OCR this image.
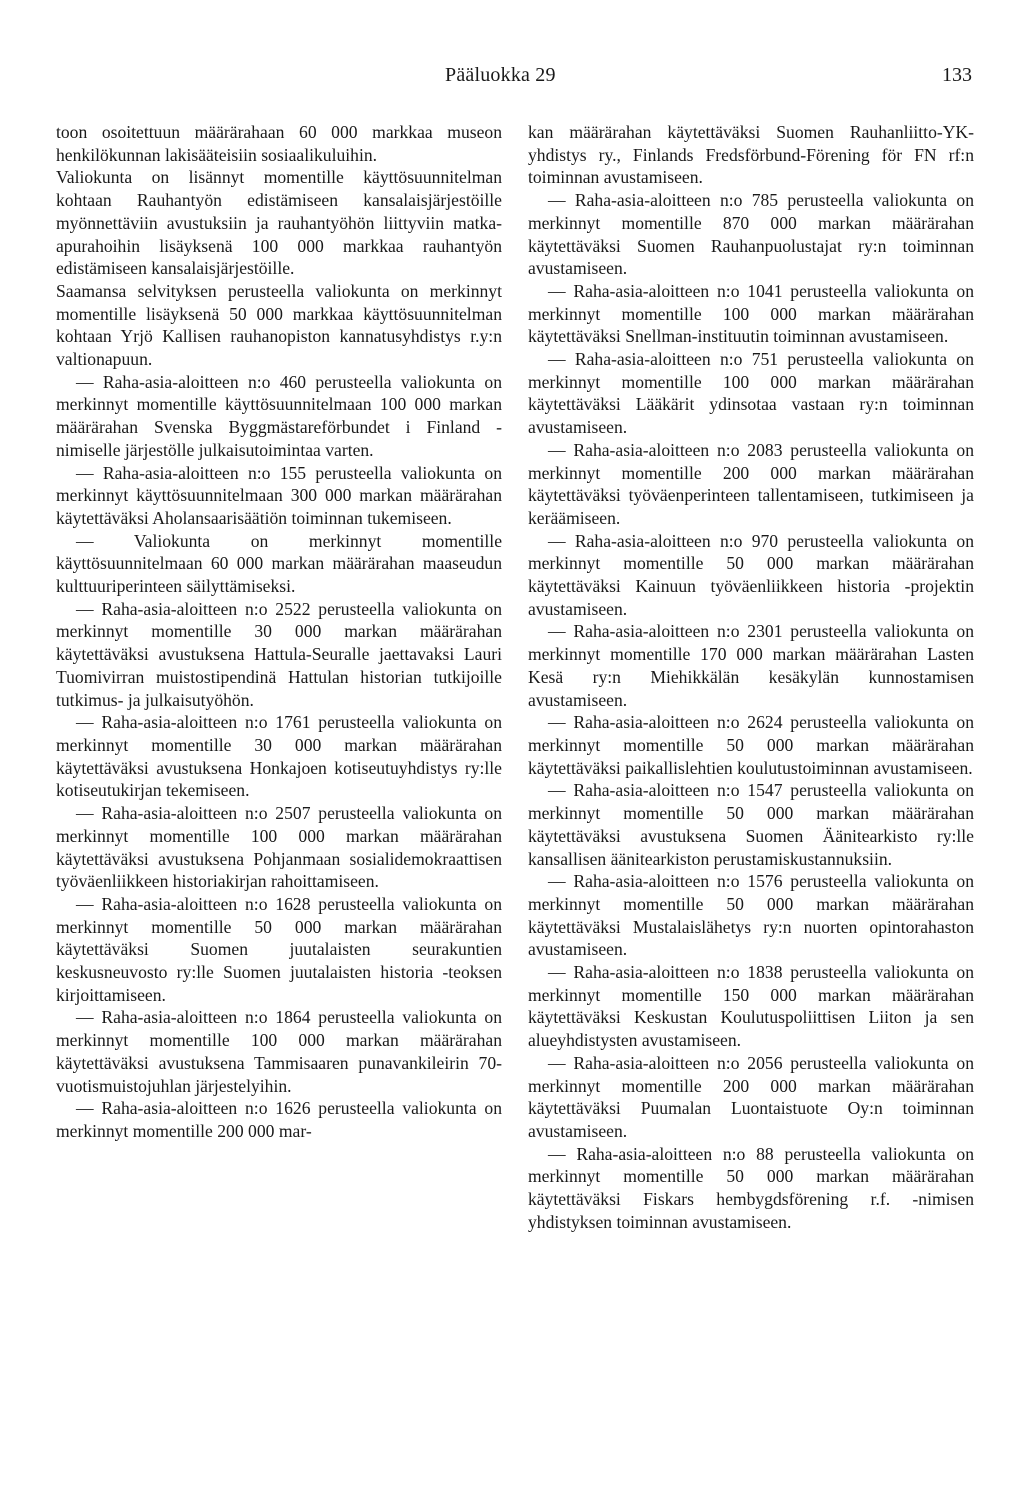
Pääluokka 29	133

toon osoitettuun määrärahaan 60 000 markkaa museon henkilökunnan lakisääteisiin sosiaalikuluihin.

Valiokunta on lisännyt momentille käyttösuunnitelman kohtaan Rauhantyön edistämiseen kansalaisjärjestöille myönnettäviin avustuksiin ja rauhantyöhön liittyviin matka-apurahoihin lisäyksenä 100 000 markkaa rauhantyön edistämiseen kansalaisjärjestöille.

Saamansa selvityksen perusteella valiokunta on merkinnyt momentille lisäyksenä 50 000 markkaa käyttösuunnitelman kohtaan Yrjö Kallisen rauhanopiston kannatusyhdistys r.y:n valtionapuun.

— Raha-asia-aloitteen n:o 460 perusteella valiokunta on merkinnyt momentille käyttösuunnitelmaan 100 000 markan määrärahan Svenska Byggmästareförbundet i Finland -nimiselle järjestölle julkaisutoimintaa varten.

— Raha-asia-aloitteen n:o 155 perusteella valiokunta on merkinnyt käyttösuunnitelmaan 300 000 markan määrärahan käytettäväksi Aholansaarisäätiön toiminnan tukemiseen.

— Valiokunta on merkinnyt momentille käyttösuunnitelmaan 60 000 markan määrärahan maaseudun kulttuuriperinteen säilyttämiseksi.

— Raha-asia-aloitteen n:o 2522 perusteella valiokunta on merkinnyt momentille 30 000 markan määrärahan käytettäväksi avustuksena Hattula-Seuralle jaettavaksi Lauri Tuomivirran muistostipendinä Hattulan historian tutkijoille tutkimus- ja julkaisutyöhön.

— Raha-asia-aloitteen n:o 1761 perusteella valiokunta on merkinnyt momentille 30 000 markan määrärahan käytettäväksi avustuksena Honkajoen kotiseutuyhdistys ry:lle kotiseutukirjan tekemiseen.

— Raha-asia-aloitteen n:o 2507 perusteella valiokunta on merkinnyt momentille 100 000 markan määrärahan käytettäväksi avustuksena Pohjanmaan sosialidemokraattisen työväenliikkeen historiakirjan rahoittamiseen.

— Raha-asia-aloitteen n:o 1628 perusteella valiokunta on merkinnyt momentille 50 000 markan määrärahan käytettäväksi Suomen juutalaisten seurakuntien keskusneuvosto ry:lle Suomen juutalaisten historia -teoksen kirjoittamiseen.

— Raha-asia-aloitteen n:o 1864 perusteella valiokunta on merkinnyt momentille 100 000 markan määrärahan käytettäväksi avustuksena Tammisaaren punavankileirin 70-vuotismuistojuhlan järjestelyihin.

— Raha-asia-aloitteen n:o 1626 perusteella valiokunta on merkinnyt momentille 200 000 mar-

kan määrärahan käytettäväksi Suomen Rauhanliitto-YK-yhdistys ry., Finlands Fredsförbund-Förening för FN rf:n toiminnan avustamiseen.

— Raha-asia-aloitteen n:o 785 perusteella valiokunta on merkinnyt momentille 870 000 markan määrärahan käytettäväksi Suomen Rauhanpuolustajat ry:n toiminnan avustamiseen.

— Raha-asia-aloitteen n:o 1041 perusteella valiokunta on merkinnyt momentille 100 000 markan määrärahan käytettäväksi Snellman-instituutin toiminnan avustamiseen.

— Raha-asia-aloitteen n:o 751 perusteella valiokunta on merkinnyt momentille 100 000 markan määrärahan käytettäväksi Lääkärit ydinsotaa vastaan ry:n toiminnan avustamiseen.

— Raha-asia-aloitteen n:o 2083 perusteella valiokunta on merkinnyt momentille 200 000 markan määrärahan käytettäväksi työväenperinteen tallentamiseen, tutkimiseen ja keräämiseen.

— Raha-asia-aloitteen n:o 970 perusteella valiokunta on merkinnyt momentille 50 000 markan määrärahan käytettäväksi Kainuun työväenliikkeen historia -projektin avustamiseen.

— Raha-asia-aloitteen n:o 2301 perusteella valiokunta on merkinnyt momentille 170 000 markan määrärahan Lasten Kesä ry:n Miehikkälän kesäkylän kunnostamisen avustamiseen.

— Raha-asia-aloitteen n:o 2624 perusteella valiokunta on merkinnyt momentille 50 000 markan määrärahan käytettäväksi paikallislehtien koulutustoiminnan avustamiseen.

— Raha-asia-aloitteen n:o 1547 perusteella valiokunta on merkinnyt momentille 50 000 markan määrärahan käytettäväksi avustuksena Suomen Äänitearkisto ry:lle kansallisen äänitearkiston perustamiskustannuksiin.

— Raha-asia-aloitteen n:o 1576 perusteella valiokunta on merkinnyt momentille 50 000 markan määrärahan käytettäväksi Mustalaislähetys ry:n nuorten opintorahaston avustamiseen.

— Raha-asia-aloitteen n:o 1838 perusteella valiokunta on merkinnyt momentille 150 000 markan määrärahan käytettäväksi Keskustan Koulutuspoliittisen Liiton ja sen alueyhdistysten avustamiseen.

— Raha-asia-aloitteen n:o 2056 perusteella valiokunta on merkinnyt momentille 200 000 markan määrärahan käytettäväksi Puumalan Luontaistuote Oy:n toiminnan avustamiseen.

— Raha-asia-aloitteen n:o 88 perusteella valiokunta on merkinnyt momentille 50 000 markan määrärahan käytettäväksi Fiskars hembygdsförening r.f. -nimisen yhdistyksen toiminnan avustamiseen.
